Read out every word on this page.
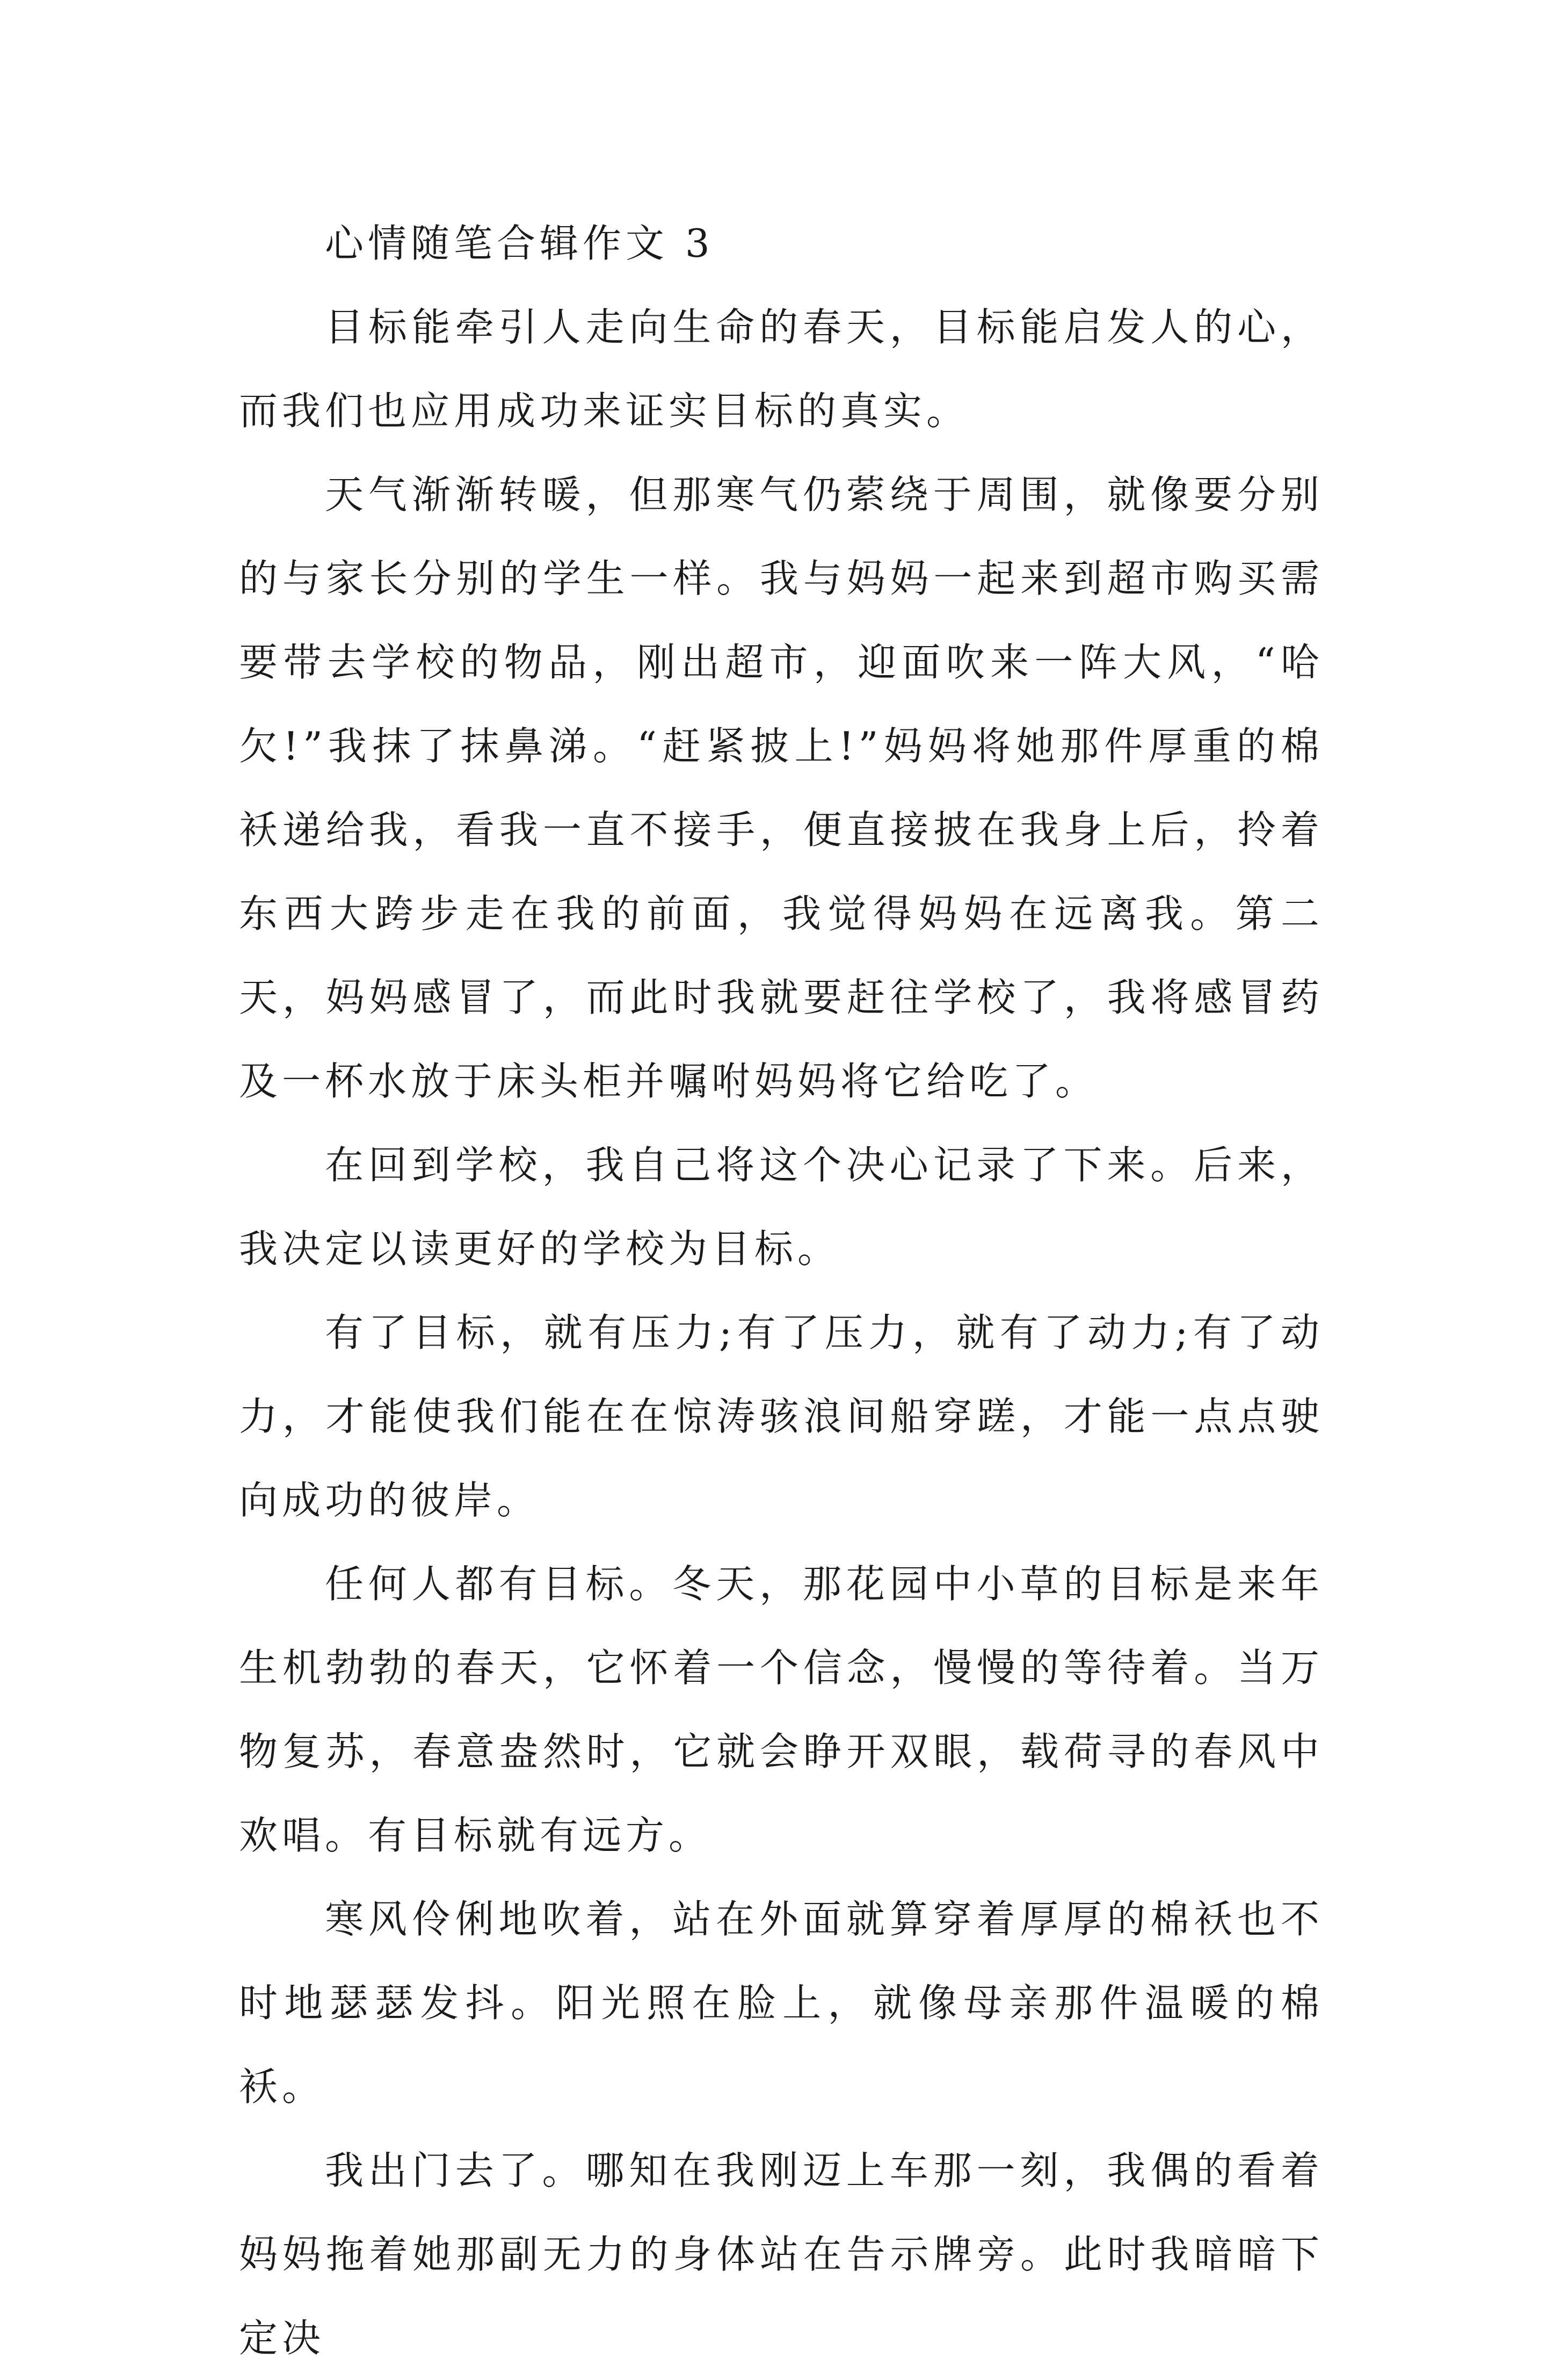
心情随笔合辑作文 3

目标能牵引人走向生命的春天，目标能启发人的心，而我们也应用成功来证实目标的真实。

天气渐渐转暖，但那寒气仍萦绕于周围，就像要分别的与家长分别的学生一样。我与妈妈一起来到超市购买需要带去学校的物品，刚出超市，迎面吹来一阵大风，“哈欠!”我抹了抹鼻涕。“赶紧披上!”妈妈将她那件厚重的棉袄递给我，看我一直不接手，便直接披在我身上后，拎着东西大跨步走在我的前面，我觉得妈妈在远离我。第二天，妈妈感冒了，而此时我就要赶往学校了，我将感冒药及一杯水放于床头柜并嘱咐妈妈将它给吃了。

在回到学校，我自己将这个决心记录了下来。后来，我决定以读更好的学校为目标。

有了目标，就有压力;有了压力，就有了动力;有了动力，才能使我们能在在惊涛骇浪间船穿蹉，才能一点点驶向成功的彼岸。

任何人都有目标。冬天，那花园中小草的目标是来年生机勃勃的春天，它怀着一个信念，慢慢的等待着。当万物复苏，春意盎然时，它就会睁开双眼，载荷寻的春风中欢唱。有目标就有远方。

寒风伶俐地吹着，站在外面就算穿着厚厚的棉袄也不时地瑟瑟发抖。阳光照在脸上，就像母亲那件温暖的棉袄。

我出门去了。哪知在我刚迈上车那一刻，我偶的看着妈妈拖着她那副无力的身体站在告示牌旁。此时我暗暗下定决
